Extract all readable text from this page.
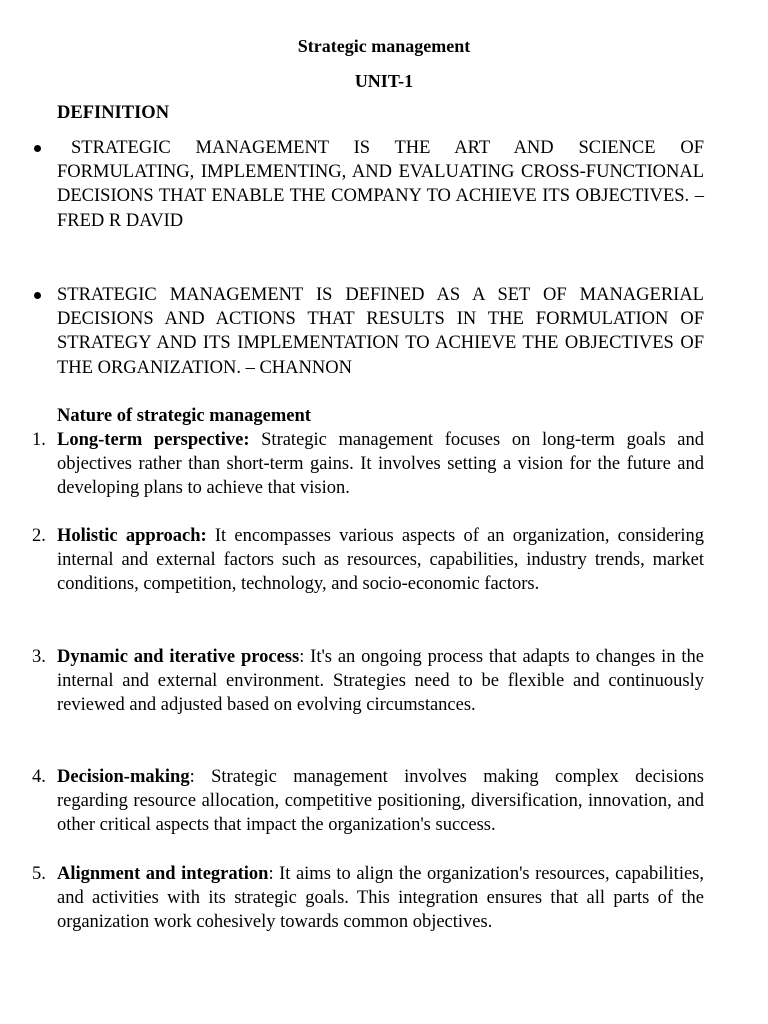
Strategic management
UNIT-1
DEFINITION

STRATEGIC MANAGEMENT IS THE ART AND SCIENCE OF FORMULATING, IMPLEMENTING, AND EVALUATING CROSS-FUNCTIONAL DECISIONS THAT ENABLE THE COMPANY TO ACHIEVE ITS OBJECTIVES. – FRED R DAVID

STRATEGIC MANAGEMENT IS DEFINED AS A SET OF MANAGERIAL DECISIONS AND ACTIONS THAT RESULTS IN THE FORMULATION OF STRATEGY AND ITS IMPLEMENTATION TO ACHIEVE THE OBJECTIVES OF THE ORGANIZATION. – CHANNON

Nature of strategic management
1. Long-term perspective: Strategic management focuses on long-term goals and objectives rather than short-term gains. It involves setting a vision for the future and developing plans to achieve that vision.

2. Holistic approach: It encompasses various aspects of an organization, considering internal and external factors such as resources, capabilities, industry trends, market conditions, competition, technology, and socio-economic factors.

3. Dynamic and iterative process: It's an ongoing process that adapts to changes in the internal and external environment. Strategies need to be flexible and continuously reviewed and adjusted based on evolving circumstances.

4. Decision-making: Strategic management involves making complex decisions regarding resource allocation, competitive positioning, diversification, innovation, and other critical aspects that impact the organization's success.

5. Alignment and integration: It aims to align the organization's resources, capabilities, and activities with its strategic goals. This integration ensures that all parts of the organization work cohesively towards common objectives.
